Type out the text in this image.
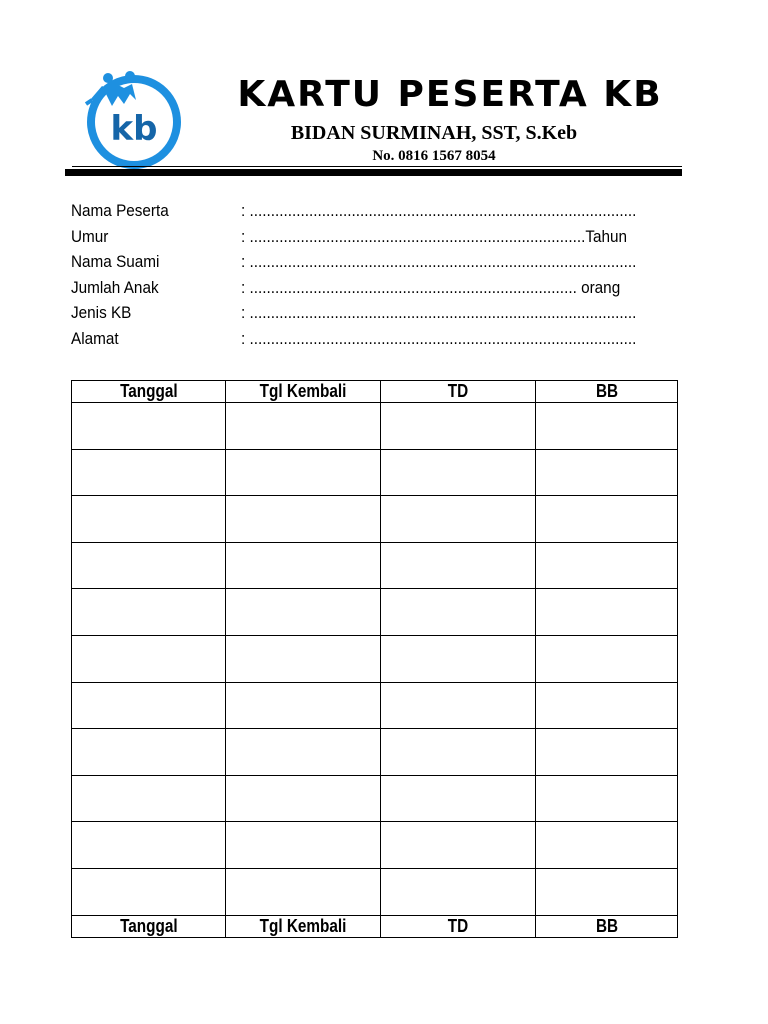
kb
KARTU PESERTA KB
BIDAN SURMINAH, SST, S.Keb
No. 0816 1567 8054
Nama Peserta	: ...........................................................................................
Umur	: ...............................................................................Tahun
Nama Suami	: ...........................................................................................
Jumlah Anak	: ............................................................................. orang
Jenis KB	: ...........................................................................................
Alamat	: ...........................................................................................
Tanggal	Tgl Kembali	TD	BB

Tanggal	Tgl Kembali	TD	BB
